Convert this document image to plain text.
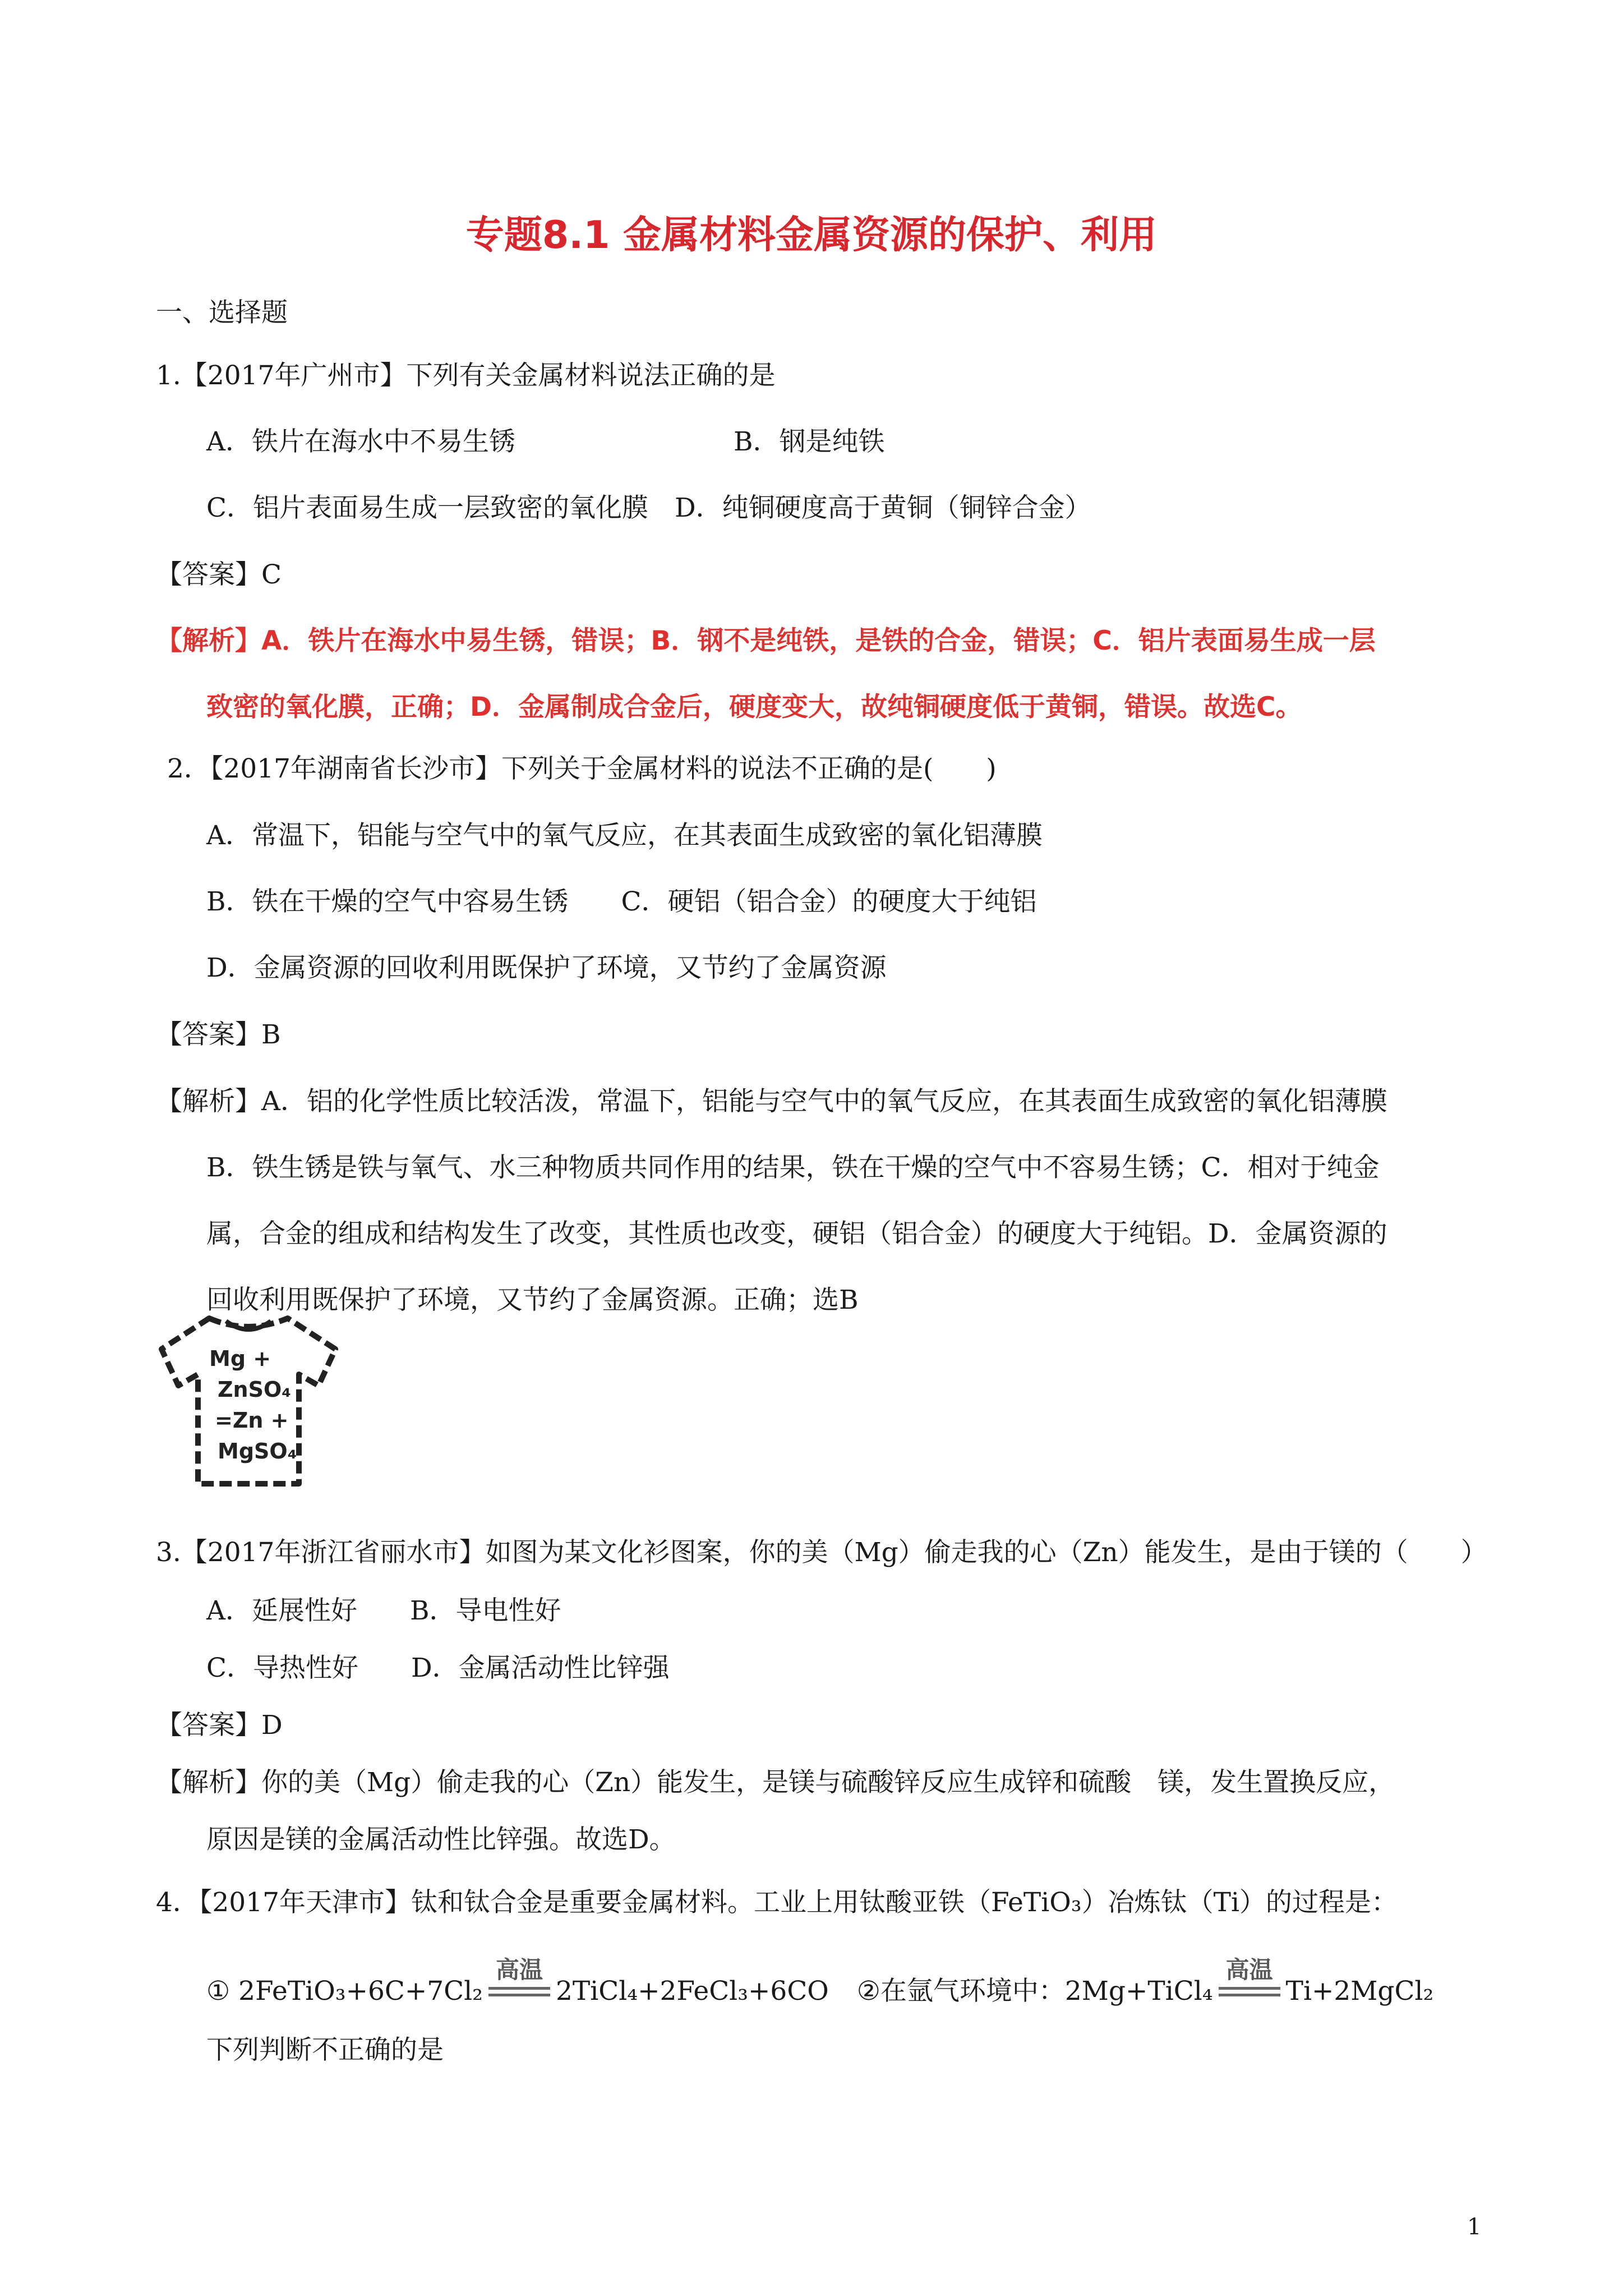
专题8.1 金属材料金属资源的保护、利用
一、选择题
1.【2017年广州市】下列有关金属材料说法正确的是
A．铁片在海水中不易生锈	B．钢是纯铁
C．铝片表面易生成一层致密的氧化膜　D．纯铜硬度高于黄铜（铜锌合金）
【答案】C
【解析】A．铁片在海水中易生锈，错误；B．钢不是纯铁，是铁的合金，错误；C．铝片表面易生成一层
致密的氧化膜，正确；D．金属制成合金后，硬度变大，故纯铜硬度低于黄铜，错误。故选C。
2．【2017年湖南省长沙市】下列关于金属材料的说法不正确的是(　　)
A．常温下，铝能与空气中的氧气反应，在其表面生成致密的氧化铝薄膜
B．铁在干燥的空气中容易生锈　　C．硬铝（铝合金）的硬度大于纯铝
D．金属资源的回收利用既保护了环境，又节约了金属资源
【答案】B
【解析】A．铝的化学性质比较活泼，常温下，铝能与空气中的氧气反应，在其表面生成致密的氧化铝薄膜
B．铁生锈是铁与氧气、水三种物质共同作用的结果，铁在干燥的空气中不容易生锈；C．相对于纯金
属，合金的组成和结构发生了改变，其性质也改变，硬铝（铝合金）的硬度大于纯铝。D．金属资源的
回收利用既保护了环境，又节约了金属资源。正确；选B
Mg +
ZnSO₄
=Zn +
MgSO₄
3.【2017年浙江省丽水市】如图为某文化衫图案，你的美（Mg）偷走我的心（Zn）能发生，是由于镁的（　　）
A．延展性好　　B．导电性好
C．导热性好　　D．金属活动性比锌强
【答案】D
【解析】你的美（Mg）偷走我的心（Zn）能发生，是镁与硫酸锌反应生成锌和硫酸　镁，发生置换反应，
原因是镁的金属活动性比锌强。故选D。
4．【2017年天津市】钛和钛合金是重要金属材料。工业上用钛酸亚铁（FeTiO₃）冶炼钛（Ti）的过程是：
① 2FeTiO₃+6C+7Cl₂
高温
2TiCl₄+2FeCl₃+6CO ②在氩气环境中：2Mg+TiCl₄
高温
Ti+2MgCl₂
下列判断不正确的是
1
